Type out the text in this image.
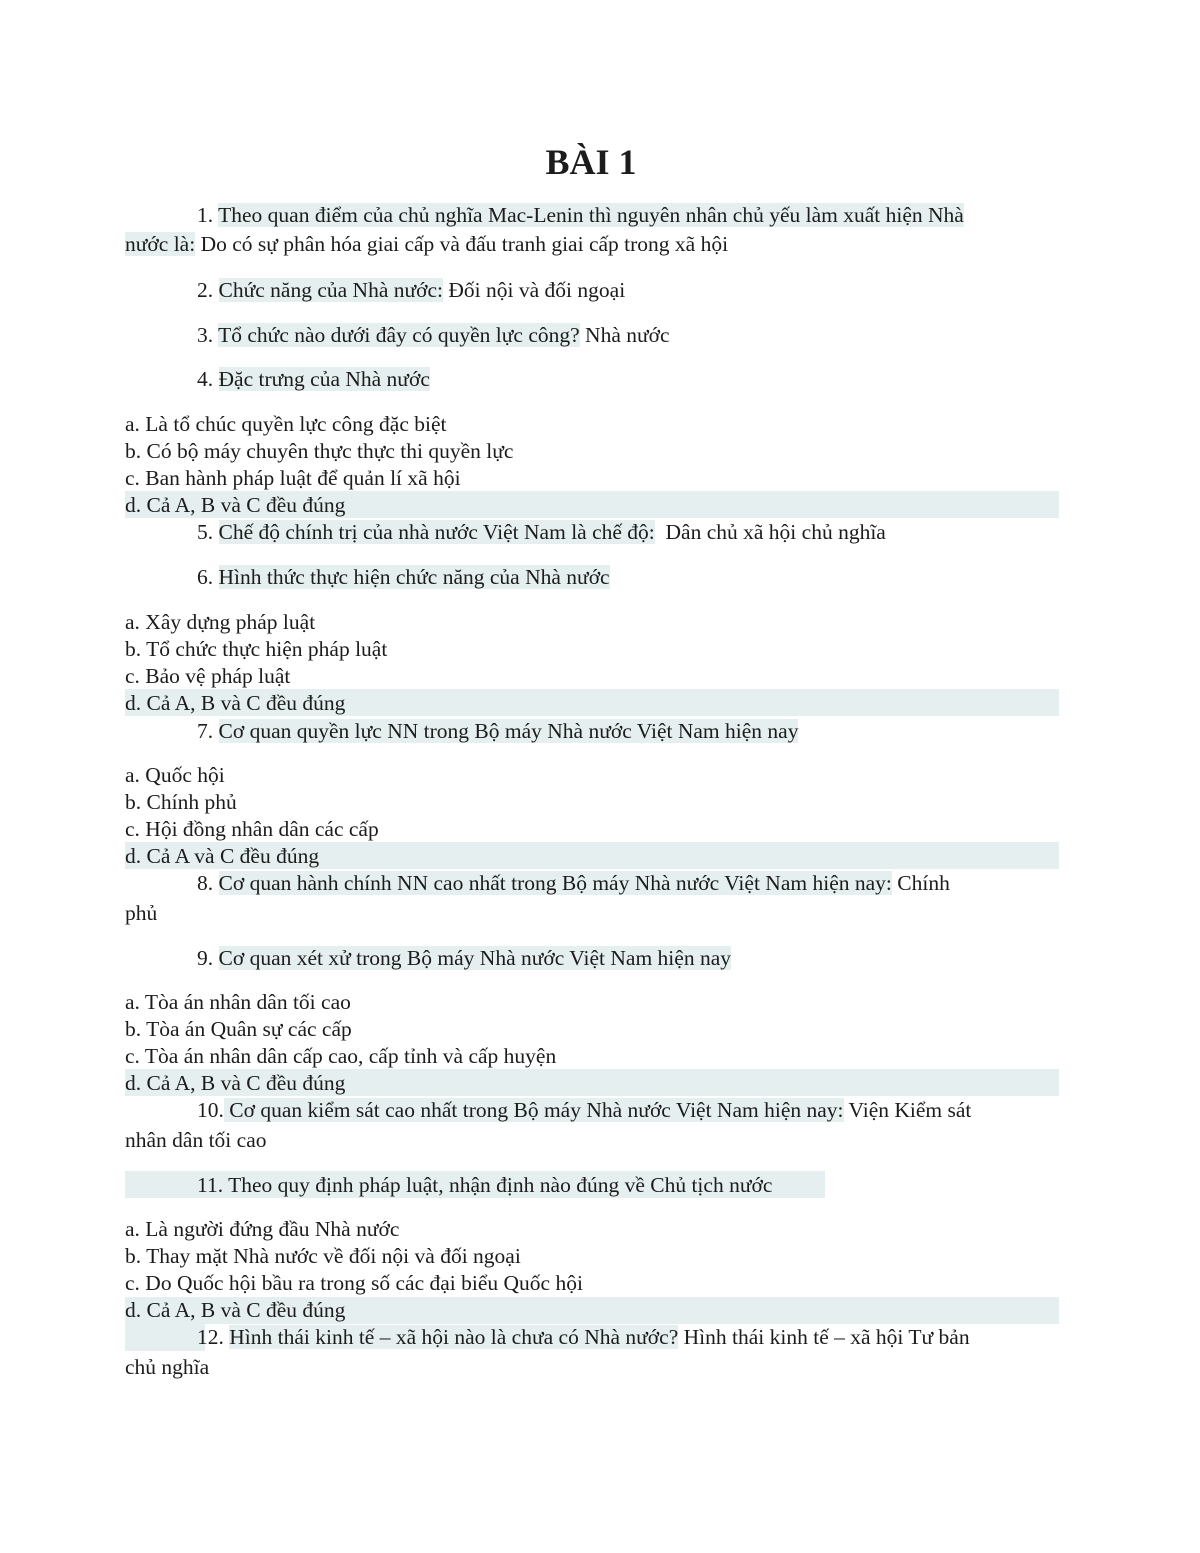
BÀI 1
1. Theo quan điểm của chủ nghĩa Mac-Lenin thì nguyên nhân chủ yếu làm xuất hiện Nhà
nước là: Do có sự phân hóa giai cấp và đấu tranh giai cấp trong xã hội
2. Chức năng của Nhà nước: Đối nội và đối ngoại
3. Tổ chức nào dưới đây có quyền lực công? Nhà nước
4. Đặc trưng của Nhà nước
a. Là tổ chúc quyền lực công đặc biệt
b. Có bộ máy chuyên thực thực thi quyền lực
c. Ban hành pháp luật để quản lí xã hội
d. Cả A, B và C đều đúng
5. Chế độ chính trị của nhà nước Việt Nam là chế độ:  Dân chủ xã hội chủ nghĩa
6. Hình thức thực hiện chức năng của Nhà nước
a. Xây dựng pháp luật
b. Tổ chức thực hiện pháp luật
c. Bảo vệ pháp luật
d. Cả A, B và C đều đúng
7. Cơ quan quyền lực NN trong Bộ máy Nhà nước Việt Nam hiện nay
a. Quốc hội
b. Chính phủ
c. Hội đồng nhân dân các cấp
d. Cả A và C đều đúng
8. Cơ quan hành chính NN cao nhất trong Bộ máy Nhà nước Việt Nam hiện nay: Chính
phủ
9. Cơ quan xét xử trong Bộ máy Nhà nước Việt Nam hiện nay
a. Tòa án nhân dân tối cao
b. Tòa án Quân sự các cấp
c. Tòa án nhân dân cấp cao, cấp tỉnh và cấp huyện
d. Cả A, B và C đều đúng
10. Cơ quan kiểm sát cao nhất trong Bộ máy Nhà nước Việt Nam hiện nay: Viện Kiểm sát
nhân dân tối cao
11. Theo quy định pháp luật, nhận định nào đúng về Chủ tịch nước
a. Là người đứng đầu Nhà nước
b. Thay mặt Nhà nước về đối nội và đối ngoại
c. Do Quốc hội bầu ra trong số các đại biểu Quốc hội
d. Cả A, B và C đều đúng
12. Hình thái kinh tế – xã hội nào là chưa có Nhà nước? Hình thái kinh tế – xã hội Tư bản
chủ nghĩa
